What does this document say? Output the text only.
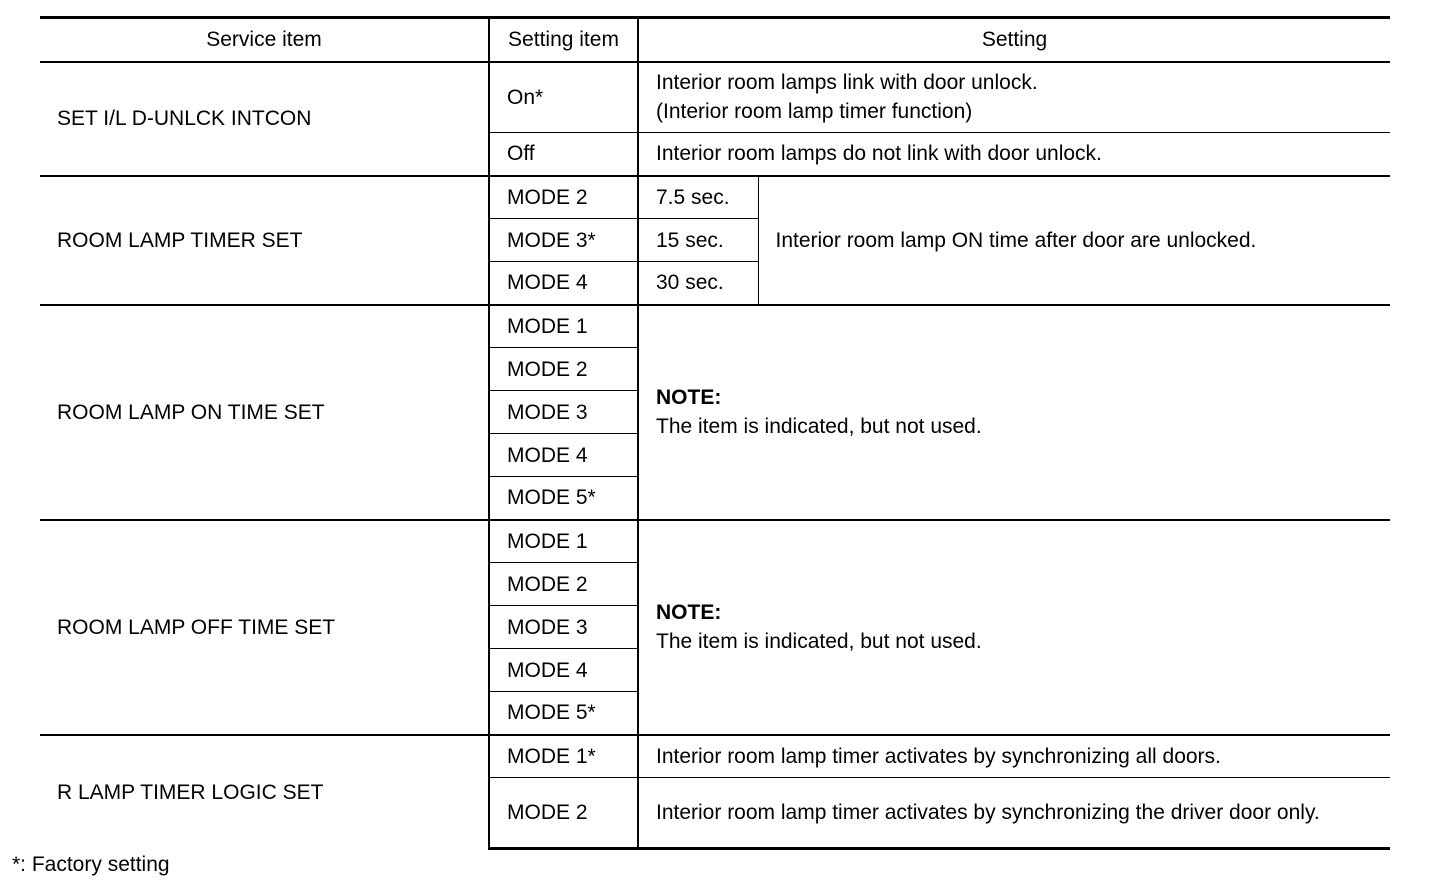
Service item	Setting item	Setting	
SET I/L D-UNLCK INTCON	On*	Interior room lamps link with door unlock.
(Interior room lamp timer function)	
	Off	Interior room lamps do not link with door unlock.	
ROOM LAMP TIMER SET	MODE 2	7.5 sec.	Interior room lamp ON time after door are unlocked.
	MODE 3*	15 sec.	
	MODE 4	30 sec.	
ROOM LAMP ON TIME SET	MODE 1	NOTE:
The item is indicated, but not used.	
	MODE 2		
	MODE 3		
	MODE 4		
	MODE 5*		
ROOM LAMP OFF TIME SET	MODE 1	NOTE:
The item is indicated, but not used.	
	MODE 2		
	MODE 3		
	MODE 4		
	MODE 5*		
R LAMP TIMER LOGIC SET	MODE 1*	Interior room lamp timer activates by synchronizing all doors.	
	MODE 2	Interior room lamp timer activates by synchronizing the driver door only.	
*: Factory setting
